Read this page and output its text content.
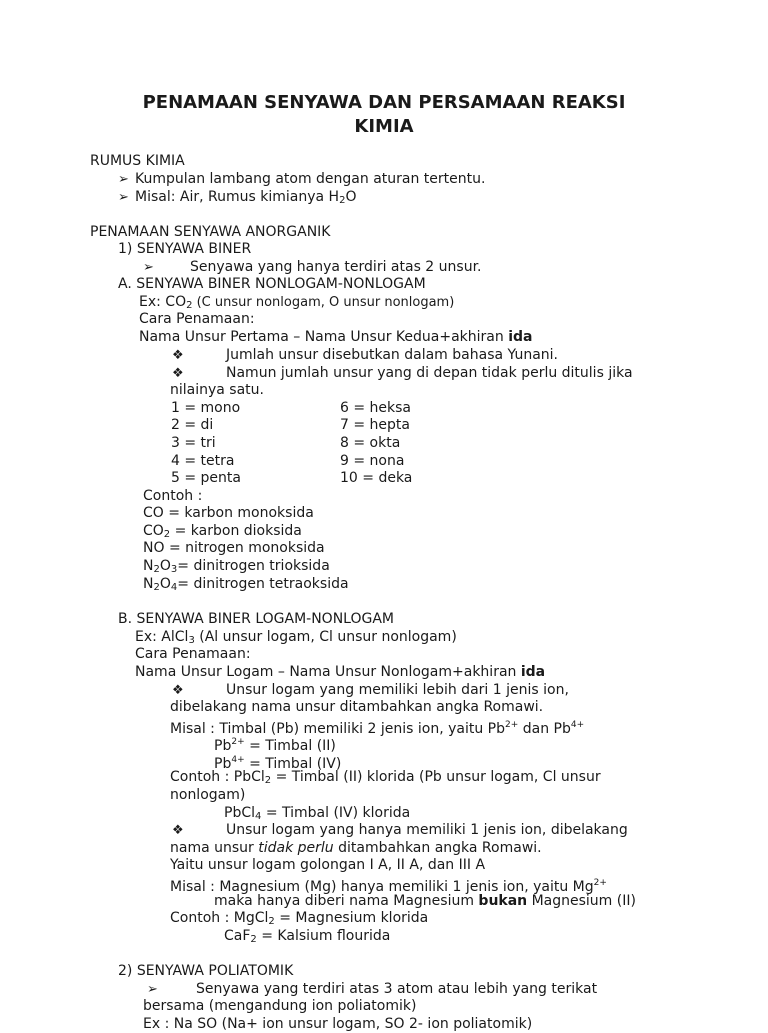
PENAMAAN SENYAWA DAN PERSAMAAN REAKSI
KIMIA
RUMUS KIMIA
➢ Kumpulan lambang atom dengan aturan tertentu.
➢ Misal: Air, Rumus kimianya $H_2O$
PENAMAAN SENYAWA ANORGANIK
1) SENYAWA BINER
➢	Senyawa yang hanya terdiri atas 2 unsur.
A. SENYAWA BINER NONLOGAM-NONLOGAM
Ex: $CO_2$ (C unsur nonlogam, O unsur nonlogam)
Cara Penamaan:
Nama Unsur Pertama – Nama Unsur Kedua+akhiran ida
❖	Jumlah unsur disebutkan dalam bahasa Yunani.
❖	Namun jumlah unsur yang di depan tidak perlu ditulis jika
nilainya satu.
1 = mono	6 = heksa
2 = di	7 = hepta
3 = tri	8 = okta
4 = tetra	9 = nona
5 = penta	10 = deka
Contoh :
CO = karbon monoksida
$CO_2$ = karbon dioksida
NO = nitrogen monoksida
$N_2O_3=$ dinitrogen trioksida
$N_2O_4=$ dinitrogen tetraoksida
B. SENYAWA BINER LOGAM-NONLOGAM
Ex: AlCl$_3$ (Al unsur logam, Cl unsur nonlogam)
Cara Penamaan:
Nama Unsur Logam – Nama Unsur Nonlogam+akhiran ida
❖	Unsur logam yang memiliki lebih dari 1 jenis ion,
dibelakang nama unsur ditambahkan angka Romawi.
Misal : Timbal (Pb) memiliki 2 jenis ion, yaitu $Pb^{2+}$ dan $Pb^{4+}$
$Pb^{2+}$ = Timbal (II)
$Pb^{4+}$ = Timbal (IV)
Contoh : PbCl$_2$ = Timbal (II) klorida (Pb unsur logam, Cl unsur
nonlogam)
PbCl$_4$ = Timbal (IV) klorida
❖	Unsur logam yang hanya memiliki 1 jenis ion, dibelakang
nama unsur tidak perlu ditambahkan angka Romawi.
Yaitu unsur logam golongan I A, II A, dan III A
Misal : Magnesium (Mg) hanya memiliki 1 jenis ion, yaitu $Mg^{2+}$
maka hanya diberi nama Magnesium bukan Magnesium (II)
Contoh : MgCl$_2$ = Magnesium klorida
CaF$_2$ = Kalsium flourida
2) SENYAWA POLIATOMIK
➢	Senyawa yang terdiri atas 3 atom atau lebih yang terikat
bersama (mengandung ion poliatomik)
Ex : Na SO (Na+ ion unsur logam, SO 2- ion poliatomik)
